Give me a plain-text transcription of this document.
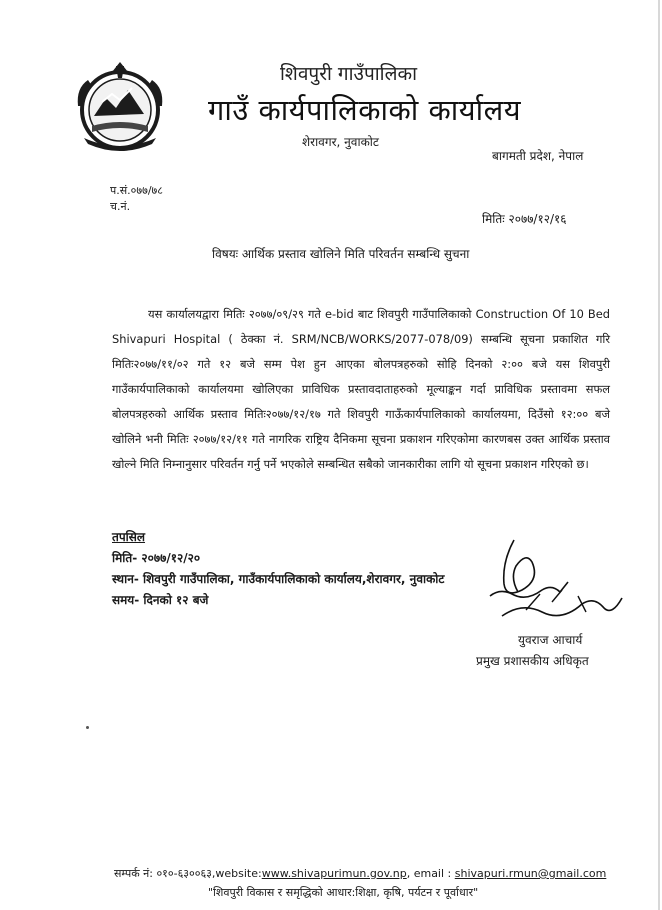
शिवपुरी गाउँपालिका
गाउँ कार्यपालिकाको कार्यालय
शेरावगर, नुवाकोट
बागमती प्रदेश, नेपाल
प.सं.०७७/७८
च.नं.
मितिः २०७७/१२/१६
विषयः आर्थिक प्रस्ताव खोलिने मिति परिवर्तन सम्बन्धि सुचना
यस कार्यालयद्वारा मितिः २०७७/०९/२९ गते e-bid बाट शिवपुरी गाउँपालिकाको Construction Of 10 Bed Shivapuri Hospital ( ठेक्का नं. SRM/NCB/WORKS/2077-078/09) सम्बन्धि सूचना प्रकाशित गरि मितिः२०७७/११/०२ गते १२ बजे सम्म पेश हुन आएका बोलपत्रहरुको सोहि दिनको २:०० बजे यस शिवपुरी गाउँकार्यपालिकाको कार्यालयमा खोलिएका प्राविधिक प्रस्तावदाताहरुको मूल्याङ्कन गर्दा प्राविधिक प्रस्तावमा सफल बोलपत्रहरुको आर्थिक प्रस्ताव मितिः२०७७/१२/१७ गते शिवपुरी गाऊँकार्यपालिकाको कार्यालयमा, दिउँसो १२:०० बजे खोलिने भनी मितिः २०७७/१२/११ गते नागरिक राष्ट्रिय दैनिकमा सूचना प्रकाशन गरिएकोमा कारणबस उक्त आर्थिक प्रस्ताव खोल्ने मिति निम्नानुसार परिवर्तन गर्नु पर्ने भएकोले सम्बन्धित सबैको जानकारीका लागि यो सूचना प्रकाशन गरिएको छ।
तपसिल
मिति- २०७७/१२/२०
स्थान- शिवपुरी गाउँपालिका, गाउँकार्यपालिकाको कार्यालय,शेरावगर, नुवाकोट
समय- दिनको १२ बजे
युवराज आचार्य
प्रमुख प्रशासकीय अधिकृत
सम्पर्क नं: ०१०-६३००६३,website:www.shivapurimun.gov.np, email : shivapuri.rmun@gmail.com
"शिवपुरी विकास र समृद्धिको आधार:शिक्षा, कृषि, पर्यटन र पूर्वाधार"
